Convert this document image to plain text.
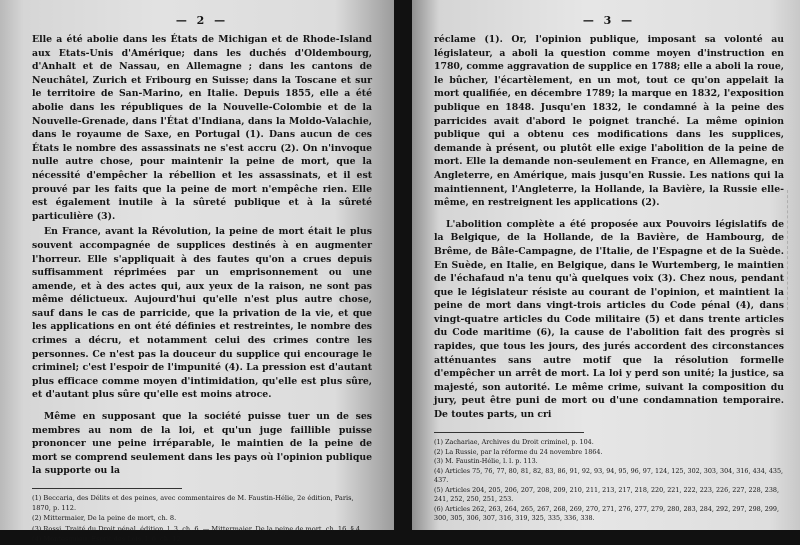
— 2 —

Elle a été abolie dans les États de Michigan et de Rhode-Island aux Etats-Unis d'Amérique; dans les duchés d'Oldembourg, d'Anhalt et de Nassau, en Allemagne ; dans les cantons de Neuchâtel, Zurich et Fribourg en Suisse; dans la Toscane et sur le territoire de San-Marino, en Italie. Depuis 1855, elle a été abolie dans les républiques de la Nouvelle-Colombie et de la Nouvelle-Grenade, dans l'État d'Indiana, dans la Moldo-Valachie, dans le royaume de Saxe, en Portugal (1). Dans aucun de ces États le nombre des assassinats ne s'est accru (2). On n'invoque nulle autre chose, pour maintenir la peine de mort, que la nécessité d'empêcher la rébellion et les assassinats, et il est prouvé par les faits que la peine de mort n'empêche rien. Elle est également inutile à la sûreté publique et à la sûreté particulière (3).

En France, avant la Révolution, la peine de mort était le plus souvent accompagnée de supplices destinés à en augmenter l'horreur. Elle s'appliquait à des fautes qu'on a crues depuis suffisamment réprimées par un emprisonnement ou une amende, et à des actes qui, aux yeux de la raison, ne sont pas même délictueux. Aujourd'hui qu'elle n'est plus autre chose, sauf dans le cas de parricide, que la privation de la vie, et que les applications en ont été définies et restreintes, le nombre des crimes a décru, et notamment celui des crimes contre les personnes. Ce n'est pas la douceur du supplice qui encourage le criminel; c'est l'espoir de l'impunité (4). La pression est d'autant plus efficace comme moyen d'intimidation, qu'elle est plus sûre, et d'autant plus sûre qu'elle est moins atroce.

Même en supposant que la société puisse tuer un de ses membres au nom de la loi, et qu'un juge faillible puisse prononcer une peine irréparable, le maintien de la peine de mort se comprend seulement dans les pays où l'opinion publique la supporte ou la

(1) Beccaria, des Délits et des peines, avec commentaires de M. Faustin-Hélie, 2e édition, Paris, 1870, p. 112.

(2) Mittermaier, De la peine de mort, ch. 8.

(3) Rossi, Traité du Droit pénal, édition, l. 3, ch. 6. — Mittermaier, De la peine de mort, ch. 16, § 4.

(4) Montesquieu, Esprit des Lois, l. 6, ch. 12.

— 3 —

réclame (1). Or, l'opinion publique, imposant sa volonté au législateur, a aboli la question comme moyen d'instruction en 1780, comme aggravation de supplice en 1788; elle a aboli la roue, le bûcher, l'écartèlement, en un mot, tout ce qu'on appelait la mort qualifiée, en décembre 1789; la marque en 1832, l'exposition publique en 1848. Jusqu'en 1832, le condamné à la peine des parricides avait d'abord le poignet tranché. La même opinion publique qui a obtenu ces modifications dans les supplices, demande à présent, ou plutôt elle exige l'abolition de la peine de mort. Elle la demande non-seulement en France, en Allemagne, en Angleterre, en Amérique, mais jusqu'en Russie. Les nations qui la maintiennent, l'Angleterre, la Hollande, la Bavière, la Russie elle-même, en restreignent les applications (2).

L'abolition complète a été proposée aux Pouvoirs législatifs de la Belgique, de la Hollande, de la Bavière, de Hambourg, de Brême, de Bâle-Campagne, de l'Italie, de l'Espagne et de la Suède. En Suède, en Italie, en Belgique, dans le Wurtemberg, le maintien de l'échafaud n'a tenu qu'à quelques voix (3). Chez nous, pendant que le législateur résiste au courant de l'opinion, et maintient la peine de mort dans vingt-trois articles du Code pénal (4), dans vingt-quatre articles du Code militaire (5) et dans trente articles du Code maritime (6), la cause de l'abolition fait des progrès si rapides, que tous les jours, des jurés accordent des circonstances atténuantes sans autre motif que la résolution formelle d'empêcher un arrêt de mort. La loi y perd son unité; la justice, sa majesté, son autorité. Le même crime, suivant la composition du jury, peut être puni de mort ou d'une condamnation temporaire. De toutes parts, un cri

(1) Zachariae, Archives du Droit criminel, p. 104.

(2) La Russie, par la réforme du 24 novembre 1864.

(3) M. Faustin-Hélie, l. l. p. 113.

(4) Articles 75, 76, 77, 80, 81, 82, 83, 86, 91, 92, 93, 94, 95, 96, 97, 124, 125, 302, 303, 304, 316, 434, 435, 437.

(5) Articles 204, 205, 206, 207, 208, 209, 210, 211, 213, 217, 218, 220, 221, 222, 223, 226, 227, 228, 238, 241, 252, 250, 251, 253.

(6) Articles 262, 263, 264, 265, 267, 268, 269, 270, 271, 276, 277, 279, 280, 283, 284, 292, 297, 298, 299, 300, 305, 306, 307, 316, 319, 325, 335, 336, 338.
